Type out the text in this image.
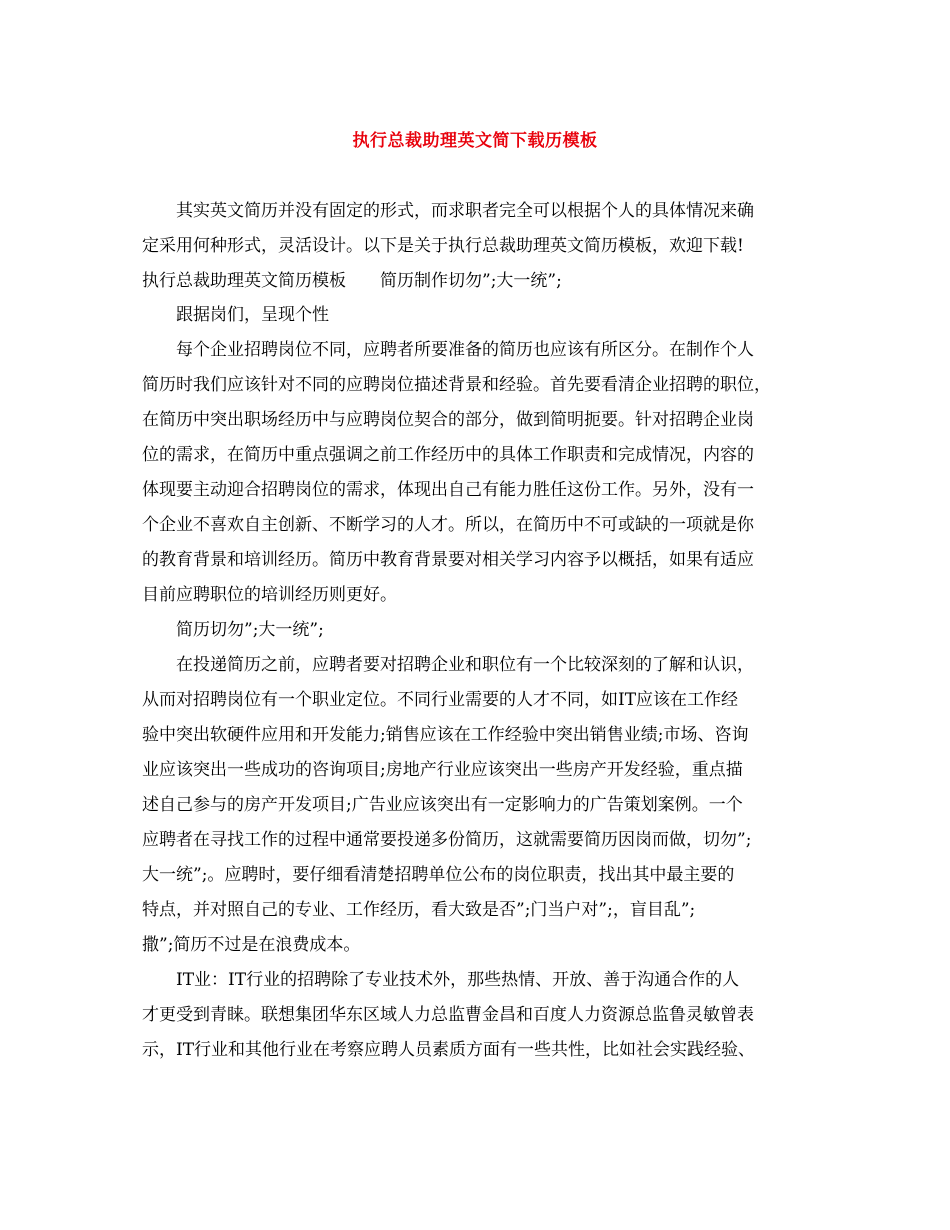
执行总裁助理英文简下载历模板
其实英文简历并没有固定的形式，而求职者完全可以根据个人的具体情况来确
定采用何种形式，灵活设计。以下是关于执行总裁助理英文简历模板，欢迎下载!
执行总裁助理英文简历模板　　简历制作切勿”;大一统”;
跟据岗们，呈现个性
每个企业招聘岗位不同，应聘者所要准备的简历也应该有所区分。在制作个人
简历时我们应该针对不同的应聘岗位描述背景和经验。首先要看清企业招聘的职位，
在简历中突出职场经历中与应聘岗位契合的部分，做到简明扼要。针对招聘企业岗
位的需求，在简历中重点强调之前工作经历中的具体工作职责和完成情况，内容的
体现要主动迎合招聘岗位的需求，体现出自己有能力胜任这份工作。另外，没有一
个企业不喜欢自主创新、不断学习的人才。所以，在简历中不可或缺的一项就是你
的教育背景和培训经历。简历中教育背景要对相关学习内容予以概括，如果有适应
目前应聘职位的培训经历则更好。
简历切勿”;大一统”;
在投递简历之前，应聘者要对招聘企业和职位有一个比较深刻的了解和认识，
从而对招聘岗位有一个职业定位。不同行业需要的人才不同，如IT应该在工作经
验中突出软硬件应用和开发能力;销售应该在工作经验中突出销售业绩;市场、咨询
业应该突出一些成功的咨询项目;房地产行业应该突出一些房产开发经验，重点描
述自己参与的房产开发项目;广告业应该突出有一定影响力的广告策划案例。一个
应聘者在寻找工作的过程中通常要投递多份简历，这就需要简历因岗而做，切勿”;
大一统”;。应聘时，要仔细看清楚招聘单位公布的岗位职责，找出其中最主要的
特点，并对照自己的专业、工作经历，看大致是否”;门当户对”;，盲目乱”;
撒”;简历不过是在浪费成本。
IT业：IT行业的招聘除了专业技术外，那些热情、开放、善于沟通合作的人
才更受到青睐。联想集团华东区域人力总监曹金昌和百度人力资源总监鲁灵敏曾表
示，IT行业和其他行业在考察应聘人员素质方面有一些共性，比如社会实践经验、
